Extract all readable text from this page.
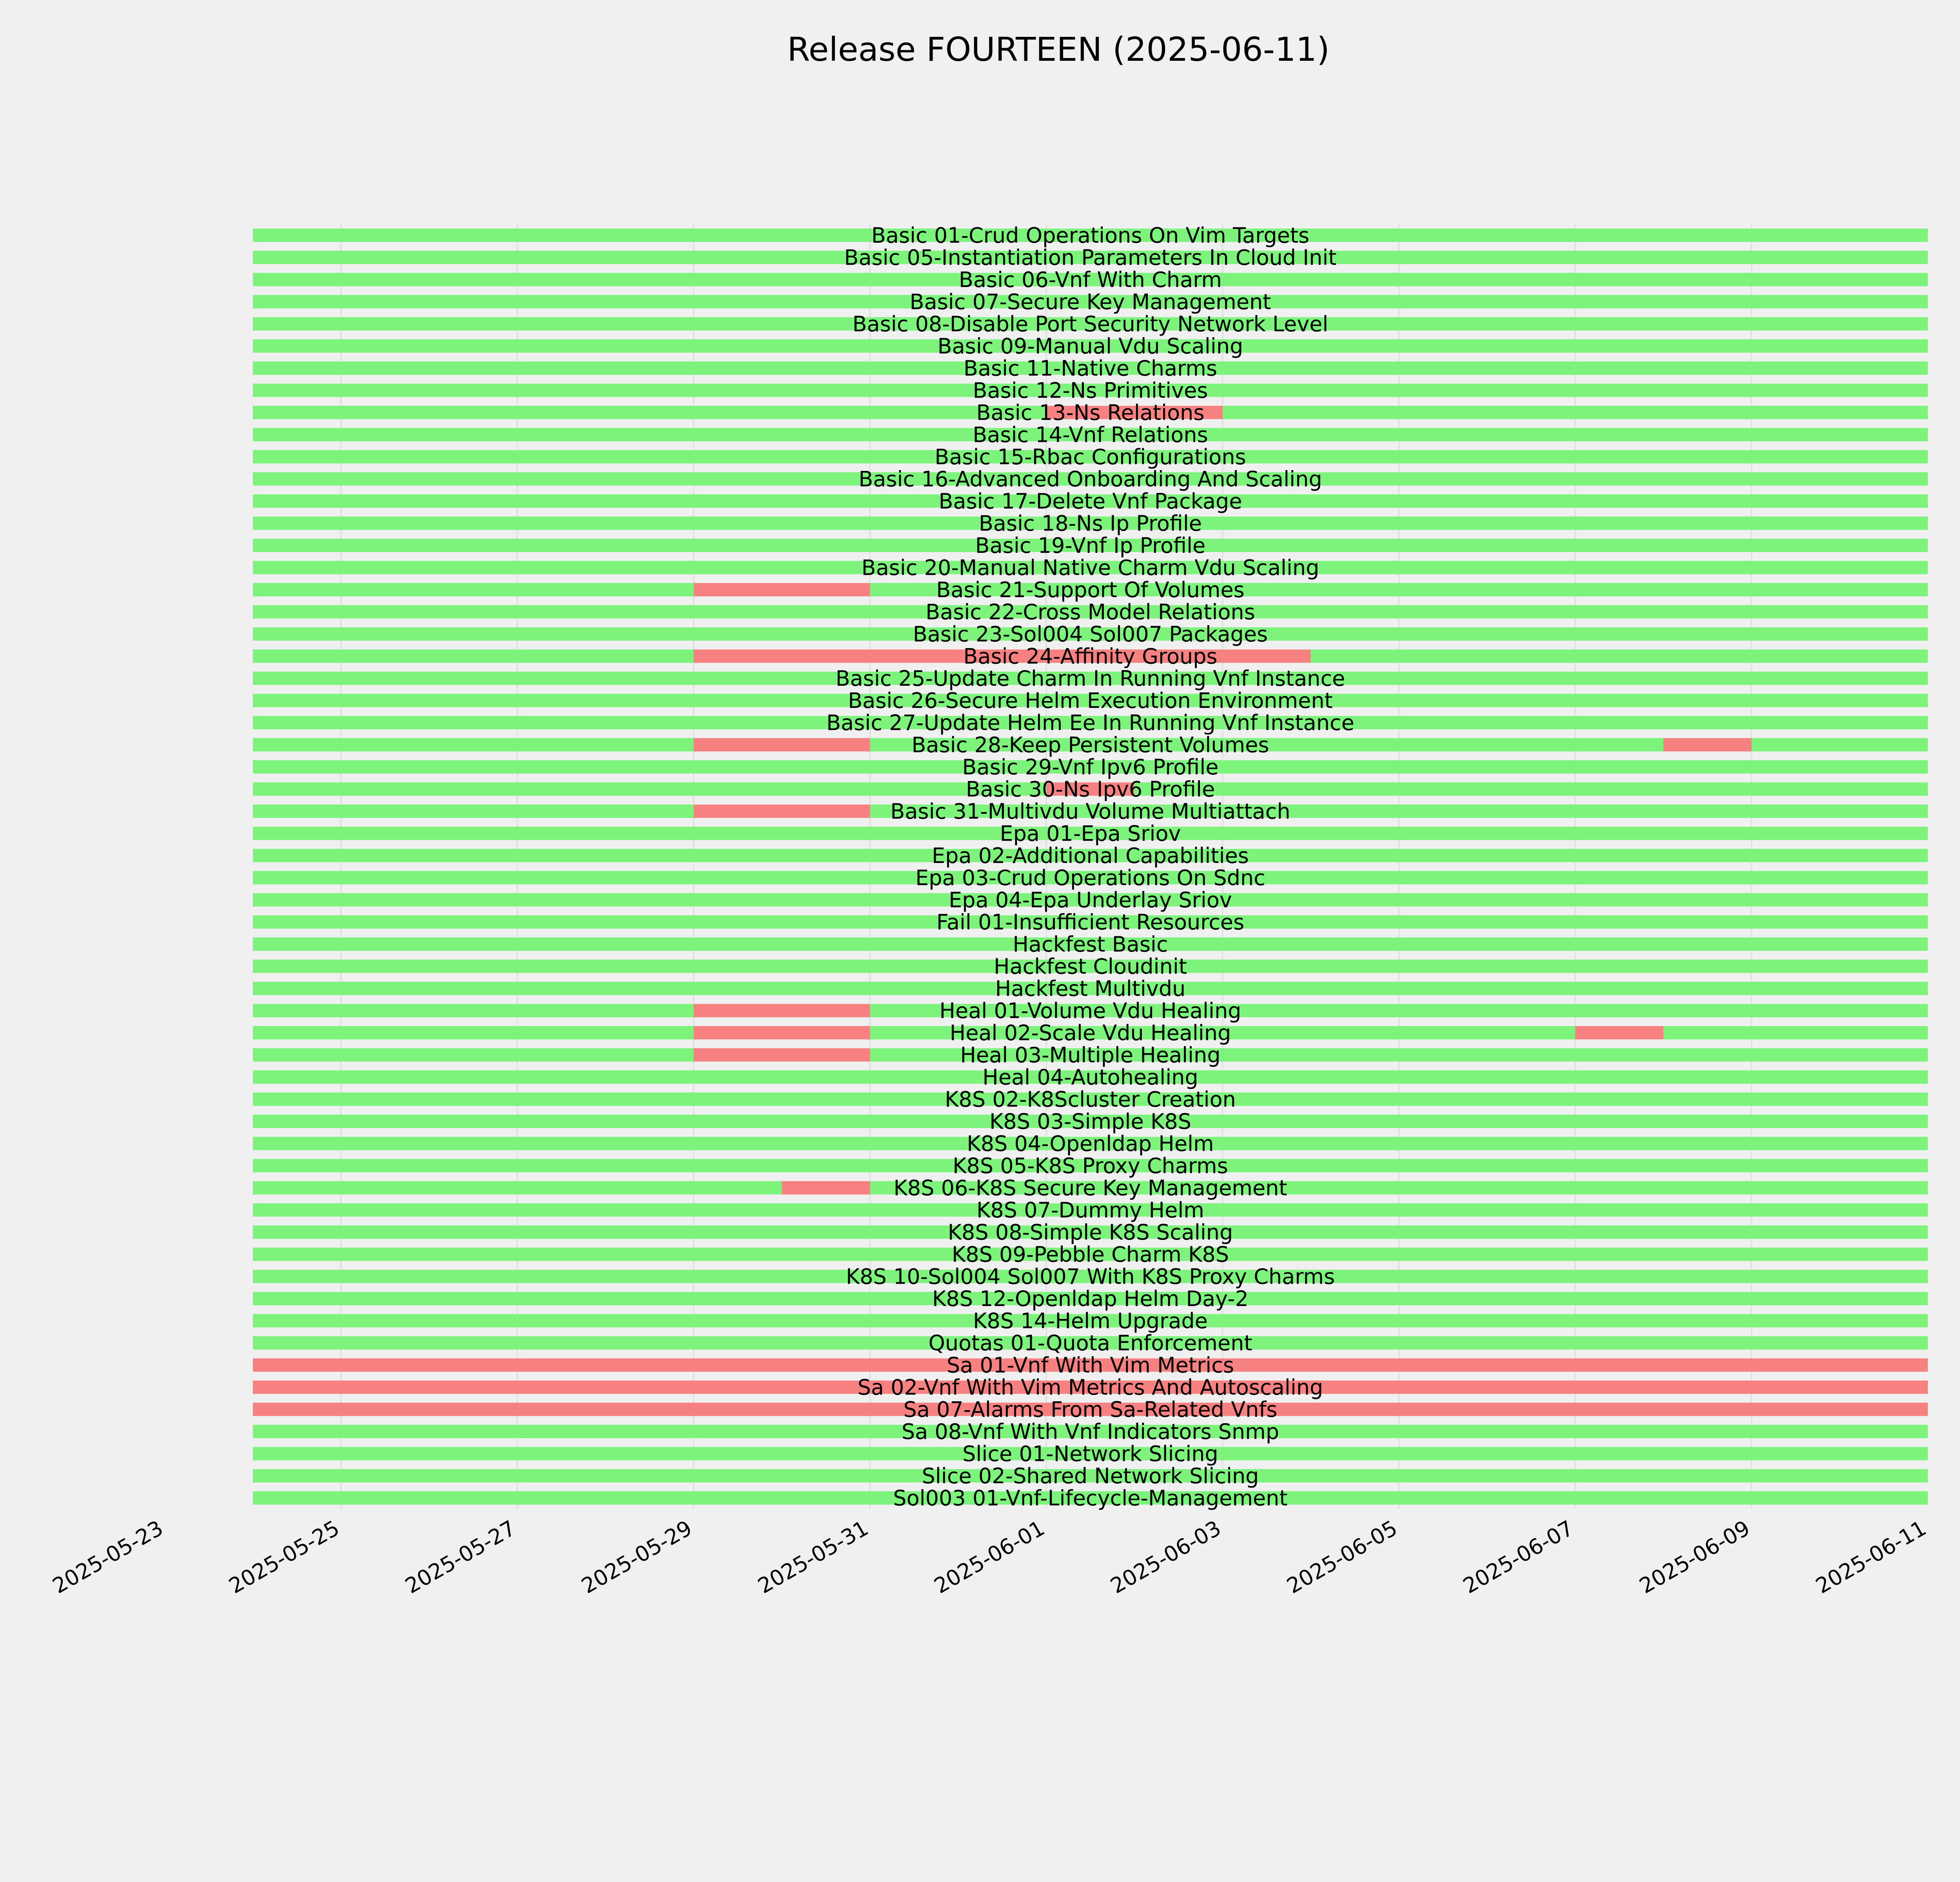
Release FOURTEEN (2025-06-11)
Basic 01-Crud Operations On Vim Targets
Basic 05-Instantiation Parameters In Cloud Init
Basic 06-Vnf With Charm
Basic 07-Secure Key Management
Basic 08-Disable Port Security Network Level
Basic 09-Manual Vdu Scaling
Basic 11-Native Charms
Basic 12-Ns Primitives
Basic 13-Ns Relations
Basic 14-Vnf Relations
Basic 15-Rbac Configurations
Basic 16-Advanced Onboarding And Scaling
Basic 17-Delete Vnf Package
Basic 18-Ns Ip Profile
Basic 19-Vnf Ip Profile
Basic 20-Manual Native Charm Vdu Scaling
Basic 21-Support Of Volumes
Basic 22-Cross Model Relations
Basic 23-Sol004 Sol007 Packages
Basic 24-Affinity Groups
Basic 25-Update Charm In Running Vnf Instance
Basic 26-Secure Helm Execution Environment
Basic 27-Update Helm Ee In Running Vnf Instance
Basic 28-Keep Persistent Volumes
Basic 29-Vnf Ipv6 Profile
Basic 30-Ns Ipv6 Profile
Basic 31-Multivdu Volume Multiattach
Epa 01-Epa Sriov
Epa 02-Additional Capabilities
Epa 03-Crud Operations On Sdnc
Epa 04-Epa Underlay Sriov
Fail 01-Insufficient Resources
Hackfest Basic
Hackfest Cloudinit
Hackfest Multivdu
Heal 01-Volume Vdu Healing
Heal 02-Scale Vdu Healing
Heal 03-Multiple Healing
Heal 04-Autohealing
K8S 02-K8Scluster Creation
K8S 03-Simple K8S
K8S 04-Openldap Helm
K8S 05-K8S Proxy Charms
K8S 06-K8S Secure Key Management
K8S 07-Dummy Helm
K8S 08-Simple K8S Scaling
K8S 09-Pebble Charm K8S
K8S 10-Sol004 Sol007 With K8S Proxy Charms
K8S 12-Openldap Helm Day-2
K8S 14-Helm Upgrade
Quotas 01-Quota Enforcement
Sa 01-Vnf With Vim Metrics
Sa 02-Vnf With Vim Metrics And Autoscaling
Sa 07-Alarms From Sa-Related Vnfs
Sa 08-Vnf With Vnf Indicators Snmp
Slice 01-Network Slicing
Slice 02-Shared Network Slicing
Sol003 01-Vnf-Lifecycle-Management
2025-05-23	2025-05-25	2025-05-27	2025-05-29	2025-05-31	2025-06-01	2025-06-03	2025-06-05	2025-06-07	2025-06-09	2025-06-11
